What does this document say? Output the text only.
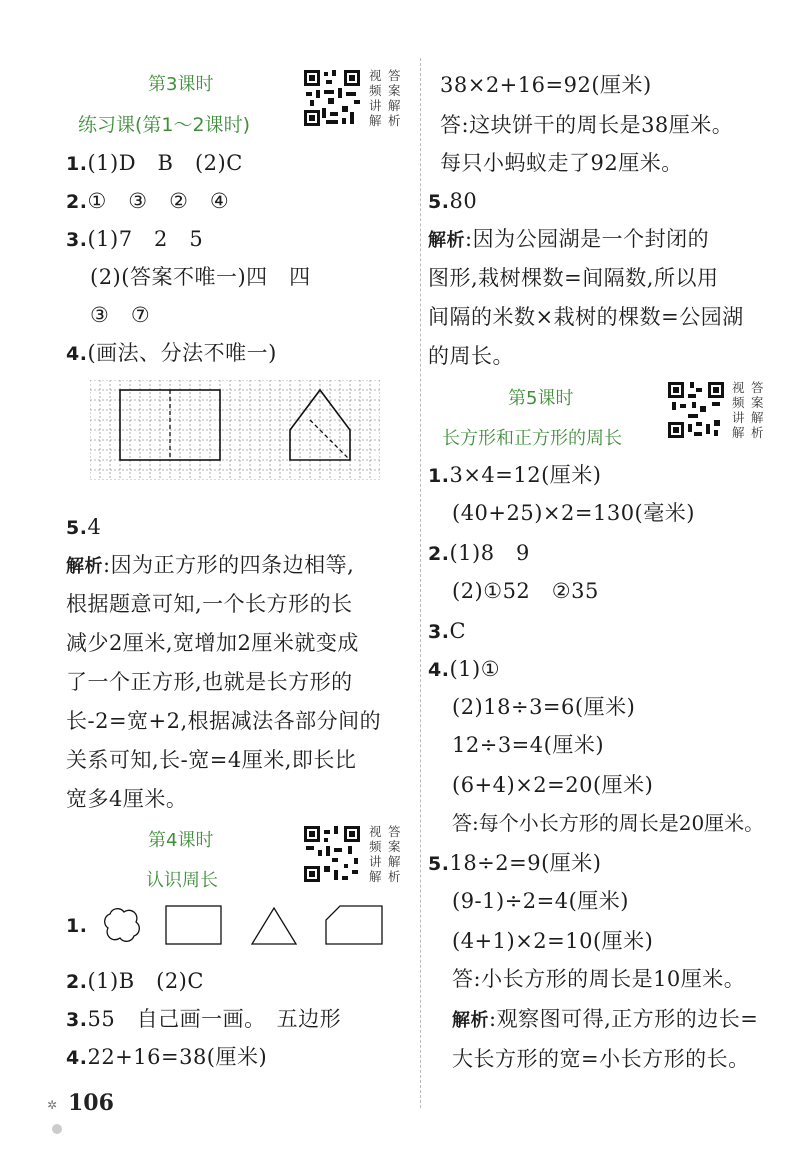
第3课时
练习课(第1～2课时)
视频讲解
答案解析
1.(1)D　B　(2)C
2.①　③　②　④
3.(1)7　2　5
(2)(答案不唯一)四　四
③　⑦
4.(画法、分法不唯一)
5.4
解析:因为正方形的四条边相等,
根据题意可知,一个长方形的长
减少2厘米,宽增加2厘米就变成
了一个正方形,也就是长方形的
长-2=宽+2,根据减法各部分间的
关系可知,长-宽=4厘米,即长比
宽多4厘米。
第4课时
认识周长
视频讲解
答案解析
1.
2.(1)B　(2)C
3.55　自己画一画。　五边形
4.22+16=38(厘米)
38×2+16=92(厘米)
答:这块饼干的周长是38厘米。
每只小蚂蚁走了92厘米。
5.80
解析:因为公园湖是一个封闭的
图形,栽树棵数=间隔数,所以用
间隔的米数×栽树的棵数=公园湖
的周长。
第5课时
长方形和正方形的周长
视频讲解
答案解析
1.3×4=12(厘米)
(40+25)×2=130(毫米)
2.(1)8　9
(2)①52　②35
3.C
4.(1)①
(2)18÷3=6(厘米)
12÷3=4(厘米)
(6+4)×2=20(厘米)
答:每个小长方形的周长是20厘米。
5.18÷2=9(厘米)
(9-1)÷2=4(厘米)
(4+1)×2=10(厘米)
答:小长方形的周长是10厘米。
解析:观察图可得,正方形的边长=
大长方形的宽=小长方形的长。
✲ 106
